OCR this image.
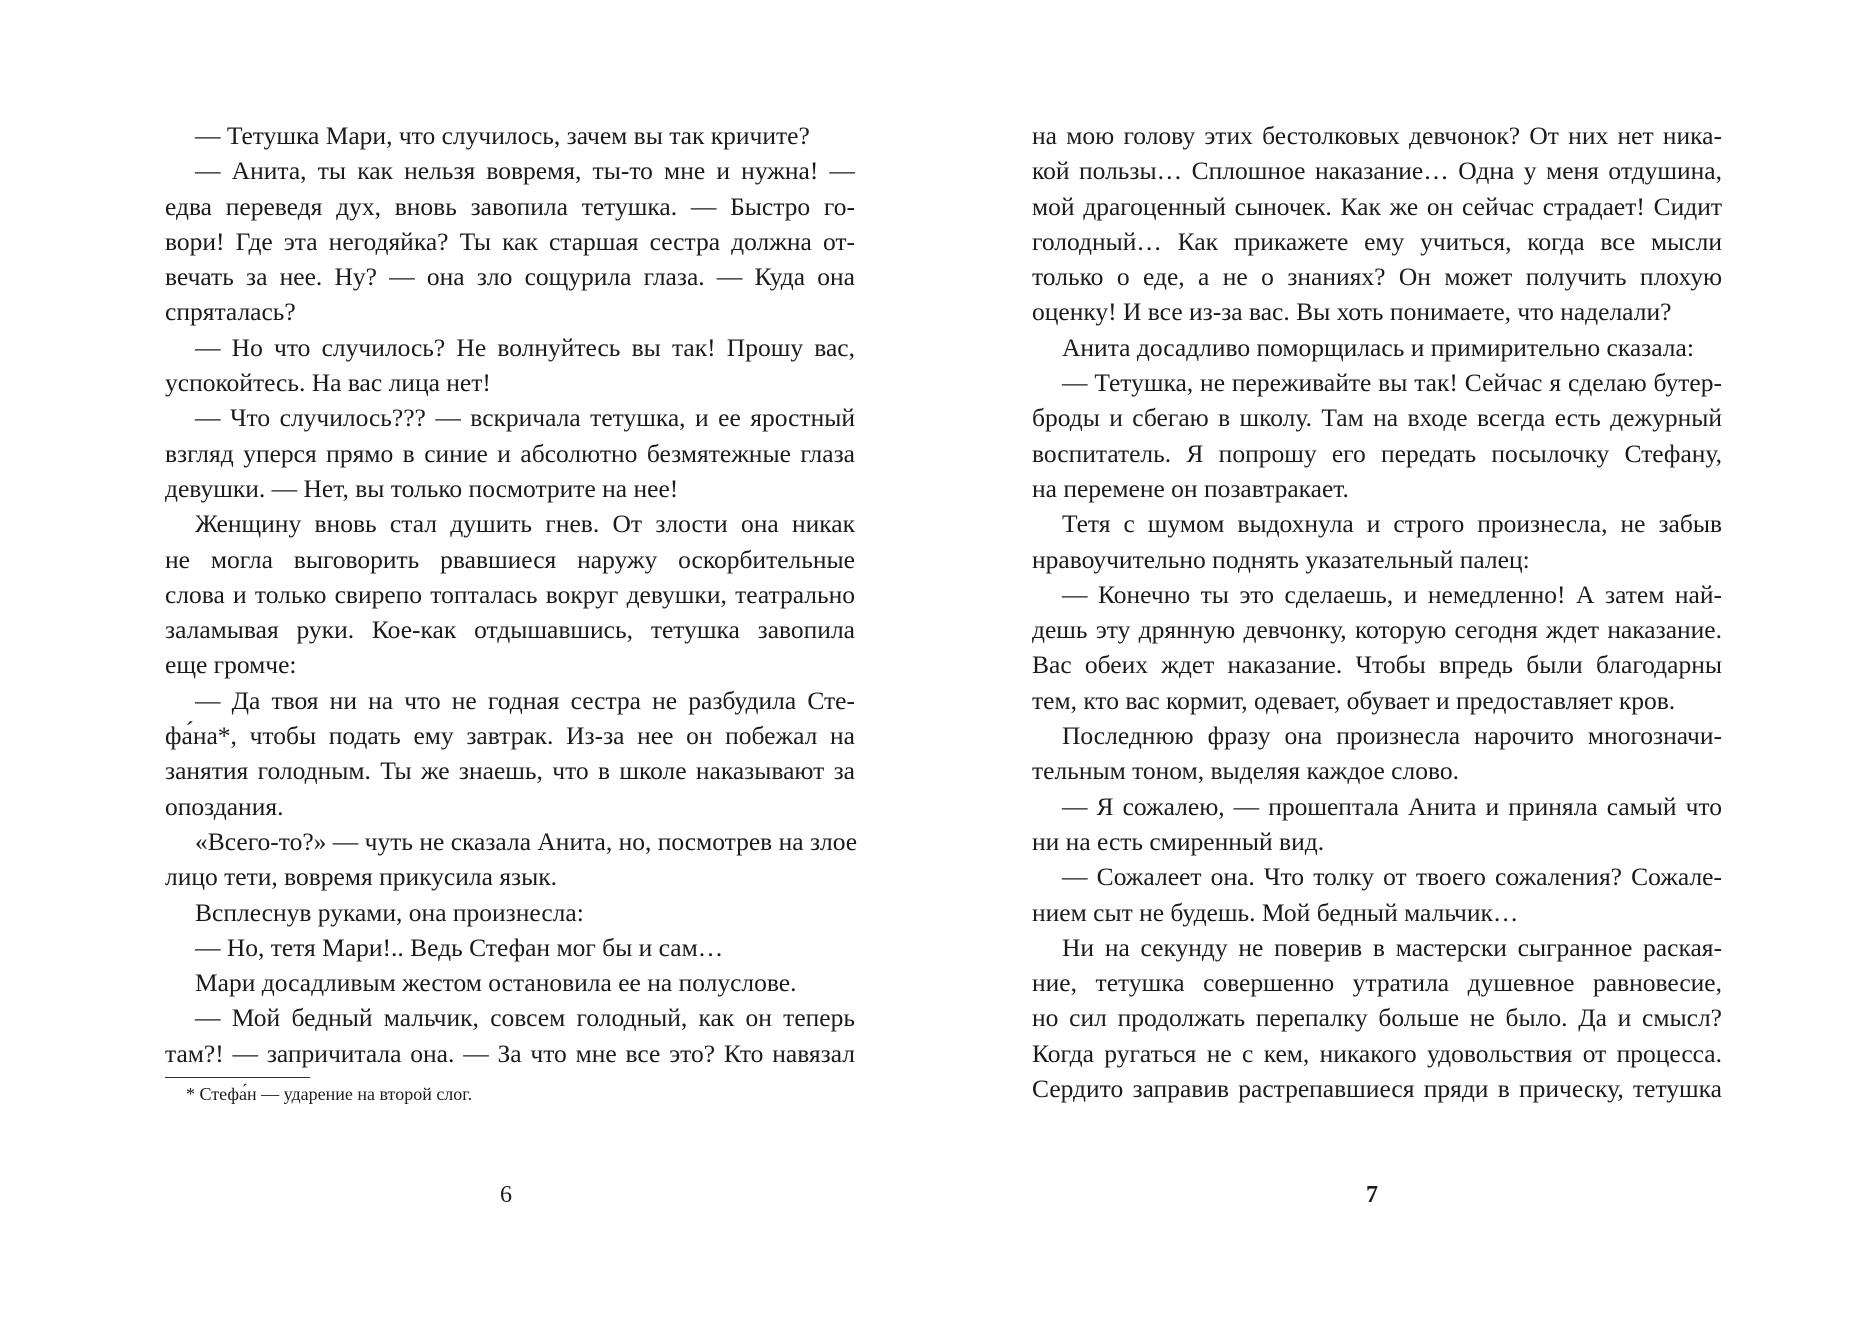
— Тетушка Мари, что случилось, зачем вы так кричите?
— Анита, ты как нельзя вовремя, ты-то мне и нужна! —
едва переведя дух, вновь завопила тетушка. — Быстро го-
вори! Где эта негодяйка? Ты как старшая сестра должна от-
вечать за нее. Ну? — она зло сощурила глаза. — Куда она
спряталась?
— Но что случилось? Не волнуйтесь вы так! Прошу вас,
успокойтесь. На вас лица нет!
— Что случилось??? — вскричала тетушка, и ее яростный
взгляд уперся прямо в синие и абсолютно безмятежные глаза
девушки. — Нет, вы только посмотрите на нее!
Женщину вновь стал душить гнев. От злости она никак
не могла выговорить рвавшиеся наружу оскорбительные
слова и только свирепо топталась вокруг девушки, театрально
заламывая руки. Кое-как отдышавшись, тетушка завопила
еще громче:
— Да твоя ни на что не годная сестра не разбудила Сте-
фа́на*, чтобы подать ему завтрак. Из-за нее он побежал на
занятия голодным. Ты же знаешь, что в школе наказывают за
опоздания.
«Всего-то?» — чуть не сказала Анита, но, посмотрев на злое
лицо тети, вовремя прикусила язык.
Всплеснув руками, она произнесла:
— Но, тетя Мари!.. Ведь Стефан мог бы и сам…
Мари досадливым жестом остановила ее на полуслове.
— Мой бедный мальчик, совсем голодный, как он теперь
там?! — запричитала она. — За что мне все это? Кто навязал
* Стефа́н — ударение на второй слог.
6
на мою голову этих бестолковых девчонок? От них нет ника-
кой пользы… Сплошное наказание… Одна у меня отдушина,
мой драгоценный сыночек. Как же он сейчас страдает! Сидит
голодный… Как прикажете ему учиться, когда все мысли
только о еде, а не о знаниях? Он может получить плохую
оценку! И все из-за вас. Вы хоть понимаете, что наделали?
Анита досадливо поморщилась и примирительно сказала:
— Тетушка, не переживайте вы так! Сейчас я сделаю бутер-
броды и сбегаю в школу. Там на входе всегда есть дежурный
воспитатель. Я попрошу его передать посылочку Стефану,
на перемене он позавтракает.
Тетя с шумом выдохнула и строго произнесла, не забыв
нравоучительно поднять указательный палец:
— Конечно ты это сделаешь, и немедленно! А затем най-
дешь эту дрянную девчонку, которую сегодня ждет наказание.
Вас обеих ждет наказание. Чтобы впредь были благодарны
тем, кто вас кормит, одевает, обувает и предоставляет кров.
Последнюю фразу она произнесла нарочито многозначи-
тельным тоном, выделяя каждое слово.
— Я сожалею, — прошептала Анита и приняла самый что
ни на есть смиренный вид.
— Сожалеет она. Что толку от твоего сожаления? Сожале-
нием сыт не будешь. Мой бедный мальчик…
Ни на секунду не поверив в мастерски сыгранное раская-
ние, тетушка совершенно утратила душевное равновесие,
но сил продолжать перепалку больше не было. Да и смысл?
Когда ругаться не с кем, никакого удовольствия от процесса.
Сердито заправив растрепавшиеся пряди в прическу, тетушка
7
